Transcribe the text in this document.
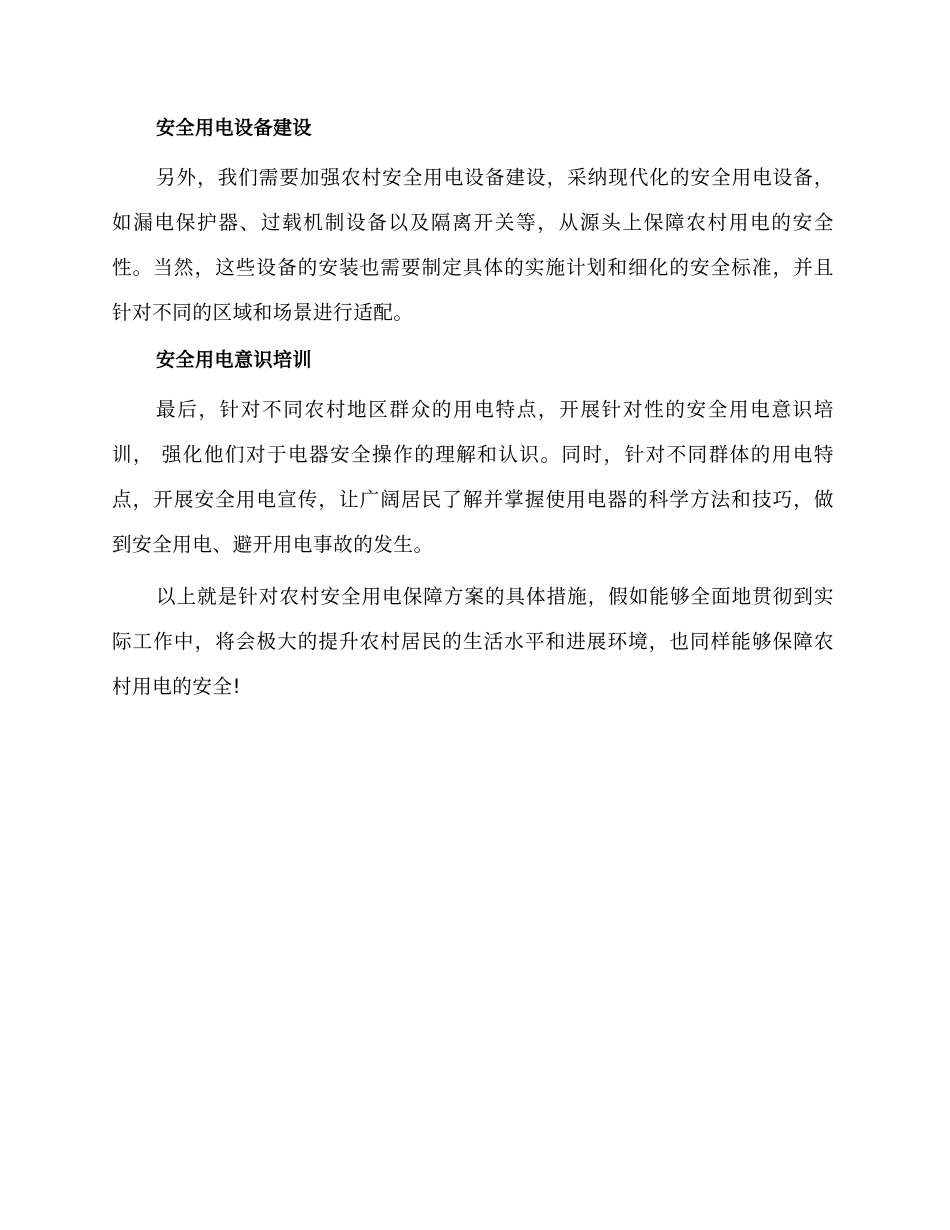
安全用电设备建设

另外，我们需要加强农村安全用电设备建设，采纳现代化的安全用电设备，如漏电保护器、过载机制设备以及隔离开关等，从源头上保障农村用电的安全性。当然，这些设备的安装也需要制定具体的实施计划和细化的安全标准，并且针对不同的区域和场景进行适配。

安全用电意识培训

最后，针对不同农村地区群众的用电特点，开展针对性的安全用电意识培训， 强化他们对于电器安全操作的理解和认识。同时，针对不同群体的用电特点，开展安全用电宣传，让广阔居民了解并掌握使用电器的科学方法和技巧，做到安全用电、避开用电事故的发生。

以上就是针对农村安全用电保障方案的具体措施，假如能够全面地贯彻到实际工作中，将会极大的提升农村居民的生活水平和进展环境，也同样能够保障农村用电的安全!
